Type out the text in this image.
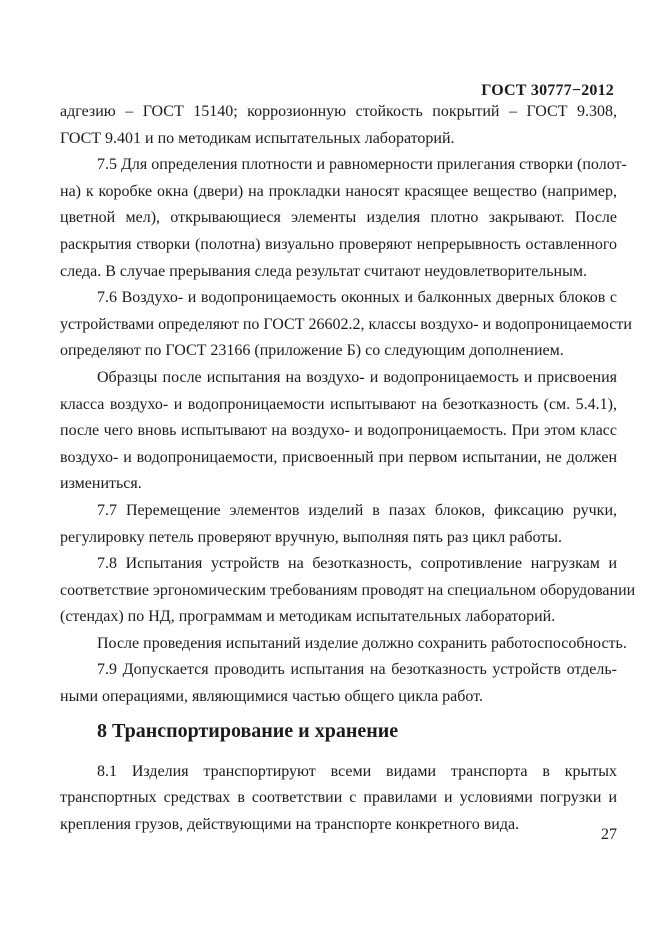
ГОСТ 30777−2012
адгезию – ГОСТ 15140; коррозионную стойкость покрытий – ГОСТ 9.308,
ГОСТ 9.401 и по методикам испытательных лабораторий.
7.5 Для определения плотности и равномерности прилегания створки (полот-
на) к коробке окна (двери) на прокладки наносят красящее вещество (например,
цветной мел), открывающиеся элементы изделия плотно закрывают. После
раскрытия створки (полотна) визуально проверяют непрерывность оставленного
следа. В случае прерывания следа результат считают неудовлетворительным.
7.6 Воздухо- и водопроницаемость оконных и балконных дверных блоков с
устройствами определяют по ГОСТ 26602.2, классы воздухо- и водопроницаемости
определяют по ГОСТ 23166 (приложение Б) со следующим дополнением.
Образцы после испытания на воздухо- и водопроницаемость и присвоения
класса воздухо- и водопроницаемости испытывают на безотказность (см. 5.4.1),
после чего вновь испытывают на воздухо- и водопроницаемость. При этом класс
воздухо- и водопроницаемости, присвоенный при первом испытании, не должен
измениться.
7.7 Перемещение элементов изделий в пазах блоков, фиксацию ручки,
регулировку петель проверяют вручную, выполняя пять раз цикл работы.
7.8 Испытания устройств на безотказность, сопротивление нагрузкам и
соответствие эргономическим требованиям проводят на специальном оборудовании
(стендах) по НД, программам и методикам испытательных лабораторий.
После проведения испытаний изделие должно сохранить работоспособность.
7.9 Допускается проводить испытания на безотказность устройств отдель-
ными операциями, являющимися частью общего цикла работ.
8 Транспортирование и хранение
8.1 Изделия транспортируют всеми видами транспорта в крытых
транспортных средствах в соответствии с правилами и условиями погрузки и
крепления грузов, действующими на транспорте конкретного вида.
27
